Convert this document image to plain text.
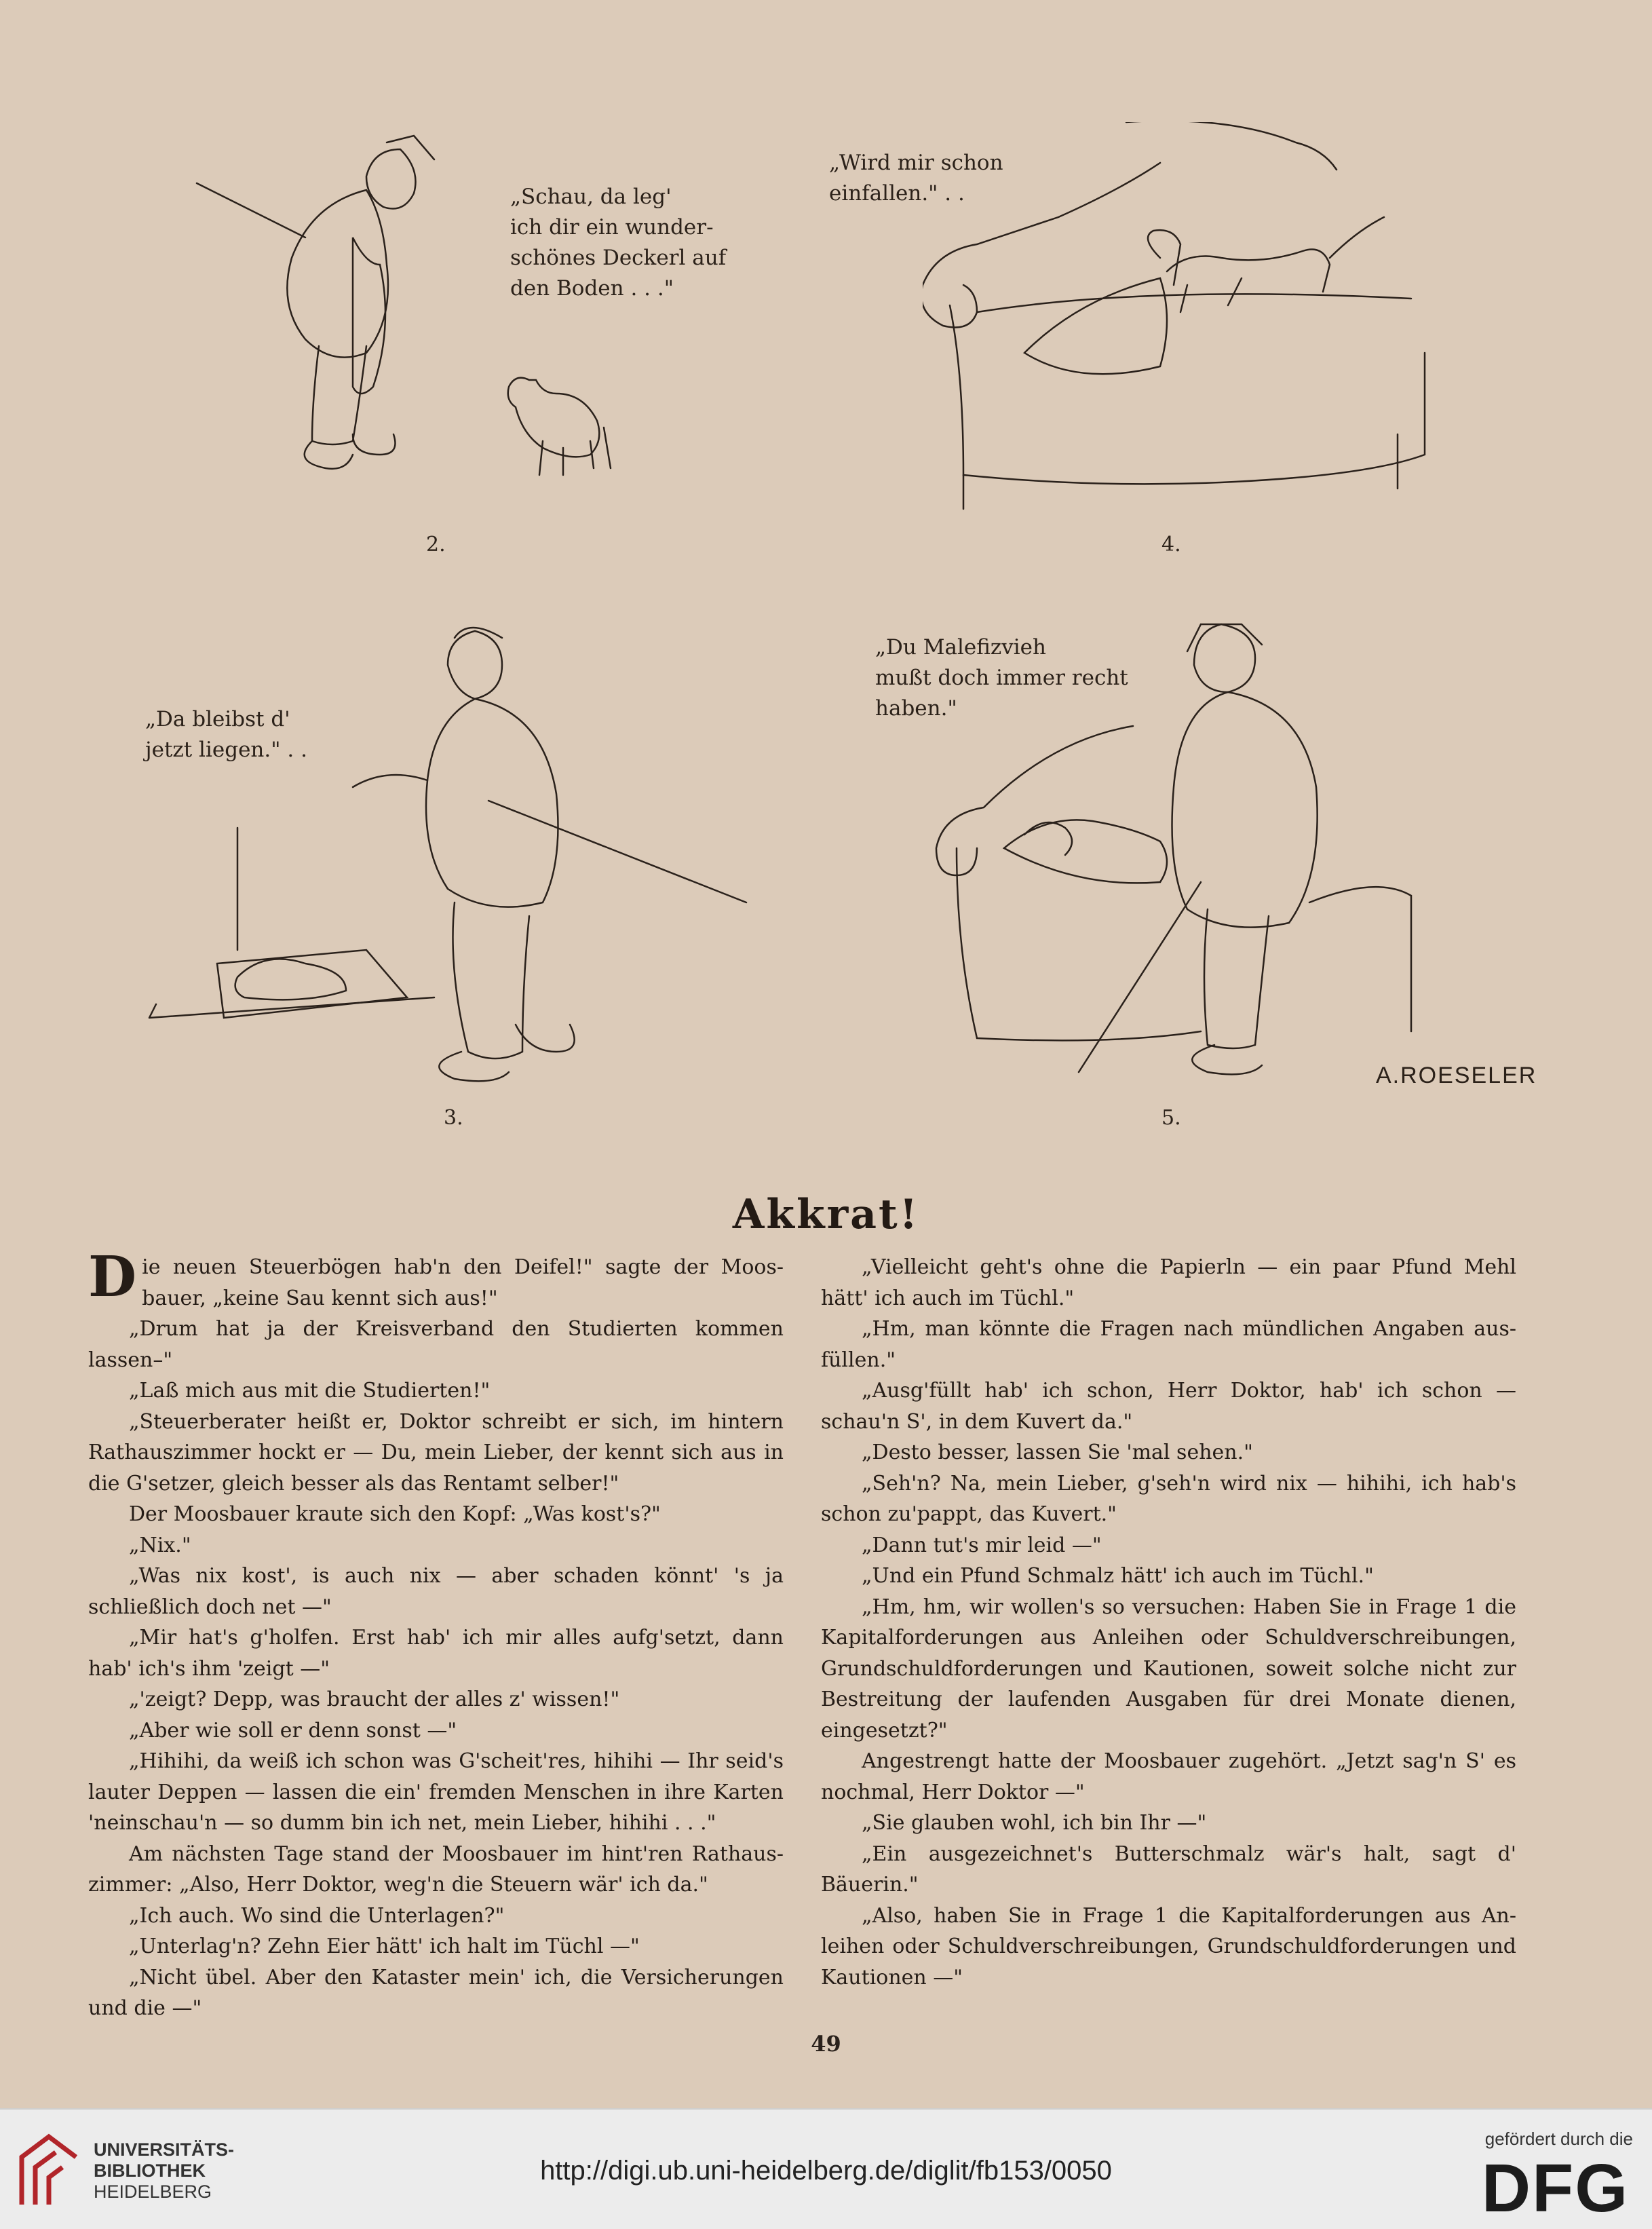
„Schau, da leg'
ich dir ein wunder-
schönes Deckerl auf
den Boden . . ."
2.
„Wird mir schon
einfallen." . .
4.
„Da bleibst d'
jetzt liegen." . .
3.
„Du Malefizvieh
mußt doch immer recht
haben."
A.ROESELER
5.
Akkrat!

Die neuen Steuerbögen hab'n den Deifel!" sagte der Moos-bauer, „keine Sau kennt sich aus!"

„Drum hat ja der Kreisverband den Studierten kommen lassen–"

„Laß mich aus mit die Studierten!"

„Steuerberater heißt er, Doktor schreibt er sich, im hintern Rathauszimmer hockt er — Du, mein Lieber, der kennt sich aus in die G'setzer, gleich besser als das Rentamt selber!"

Der Moosbauer kraute sich den Kopf: „Was kost's?"

„Nix."

„Was nix kost', is auch nix — aber schaden könnt' 's ja schließlich doch net —"

„Mir hat's g'holfen. Erst hab' ich mir alles aufg'setzt, dann hab' ich's ihm 'zeigt —"

„'zeigt? Depp, was braucht der alles z' wissen!"

„Aber wie soll er denn sonst —"

„Hihihi, da weiß ich schon was G'scheit'res, hihihi — Ihr seid's lauter Deppen — lassen die ein' fremden Menschen in ihre Karten 'neinschau'n — so dumm bin ich net, mein Lieber, hihihi . . ."

Am nächsten Tage stand der Moosbauer im hint'ren Rathaus-zimmer: „Also, Herr Doktor, weg'n die Steuern wär' ich da."

„Ich auch. Wo sind die Unterlagen?"

„Unterlag'n? Zehn Eier hätt' ich halt im Tüchl —"

„Nicht übel. Aber den Kataster mein' ich, die Versicherungen und die —"

„Vielleicht geht's ohne die Papierln — ein paar Pfund Mehl hätt' ich auch im Tüchl."

„Hm, man könnte die Fragen nach mündlichen Angaben aus-füllen."

„Ausg'füllt hab' ich schon, Herr Doktor, hab' ich schon — schau'n S', in dem Kuvert da."

„Desto besser, lassen Sie 'mal sehen."

„Seh'n? Na, mein Lieber, g'seh'n wird nix — hihihi, ich hab's schon zu'pappt, das Kuvert."

„Dann tut's mir leid —"

„Und ein Pfund Schmalz hätt' ich auch im Tüchl."

„Hm, hm, wir wollen's so versuchen: Haben Sie in Frage 1 die Kapitalforderungen aus Anleihen oder Schuldverschreibungen, Grundschuldforderungen und Kautionen, soweit solche nicht zur Bestreitung der laufenden Ausgaben für drei Monate dienen, eingesetzt?"

Angestrengt hatte der Moosbauer zugehört. „Jetzt sag'n S' es nochmal, Herr Doktor —"

„Sie glauben wohl, ich bin Ihr —"

„Ein ausgezeichnet's Butterschmalz wär's halt, sagt d' Bäuerin."

„Also, haben Sie in Frage 1 die Kapitalforderungen aus An-leihen oder Schuldverschreibungen, Grundschuldforderungen und Kautionen —"

49
UNIVERSITÄTS-
BIBLIOTHEK
HEIDELBERG
http://digi.ub.uni-heidelberg.de/diglit/fb153/0050
gefördert durch die
DFG
